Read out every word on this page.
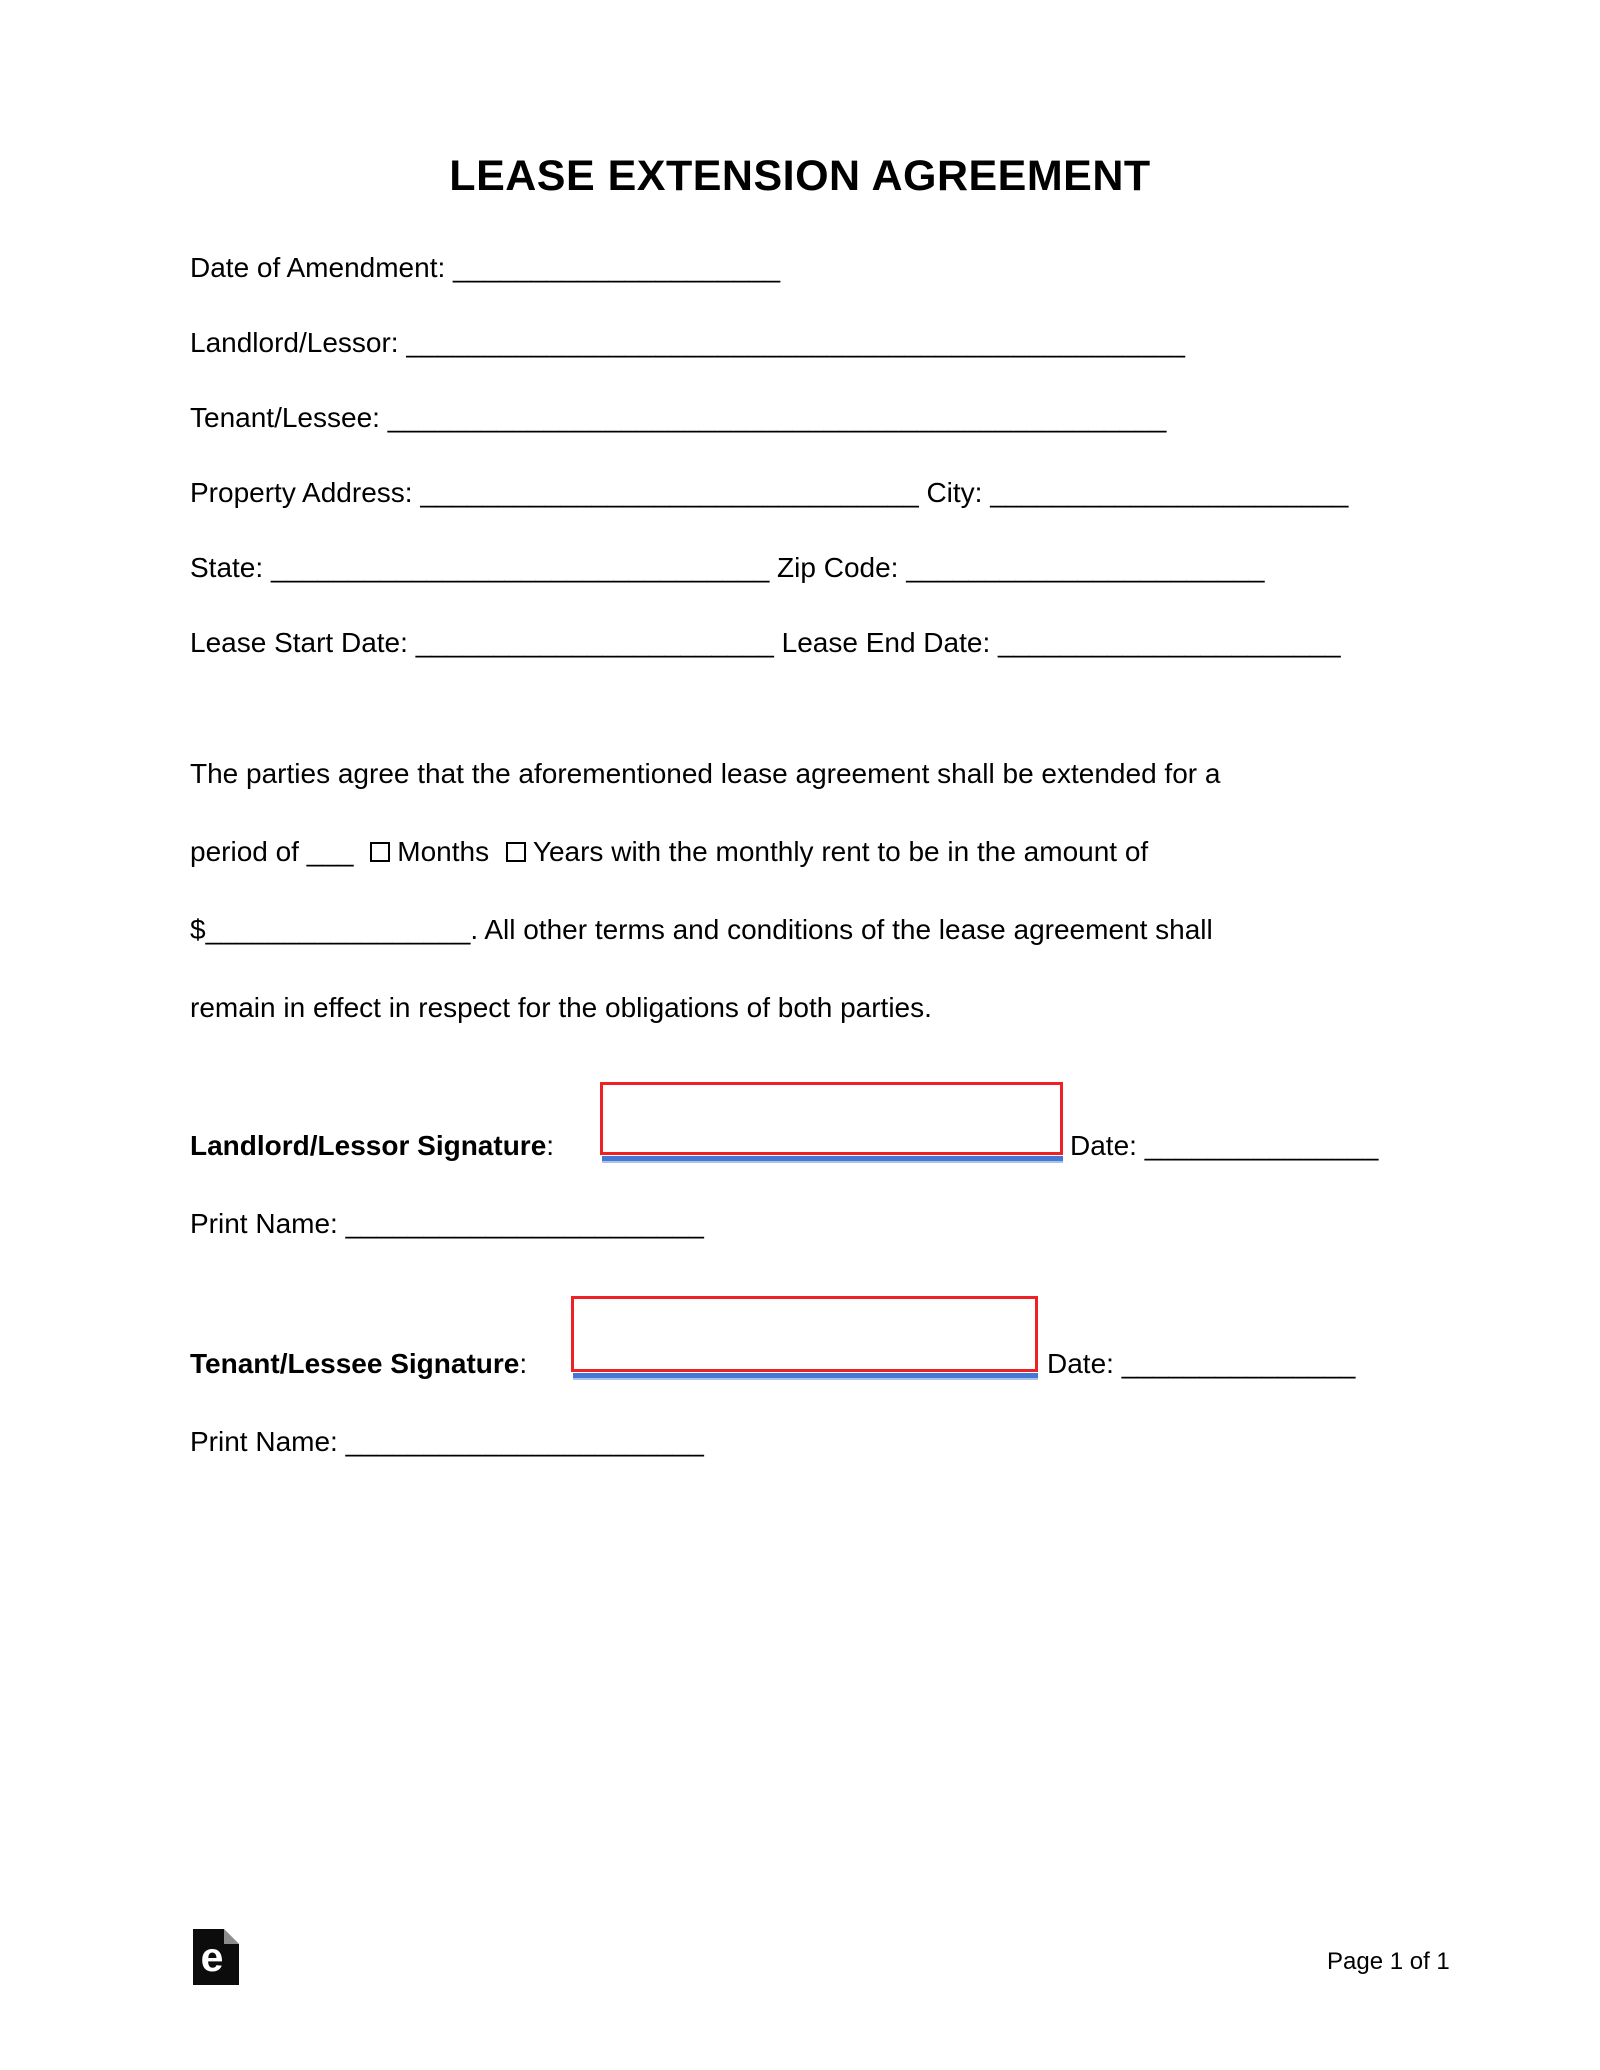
LEASE EXTENSION AGREEMENT
Date of Amendment: _____________________
Landlord/Lessor: __________________________________________________
Tenant/Lessee: __________________________________________________
Property Address: ________________________________ City: _______________________
State: ________________________________ Zip Code: _______________________
Lease Start Date: _______________________ Lease End Date: ______________________
The parties agree that the aforementioned lease agreement shall be extended for a
period of ___ Months Years with the monthly rent to be in the amount of
$_________________. All other terms and conditions of the lease agreement shall
remain in effect in respect for the obligations of both parties.
Landlord/Lessor Signature:	Date: _______________
Print Name: _______________________
Tenant/Lessee Signature:	Date: _______________
Print Name: _______________________
e	Page 1 of 1
